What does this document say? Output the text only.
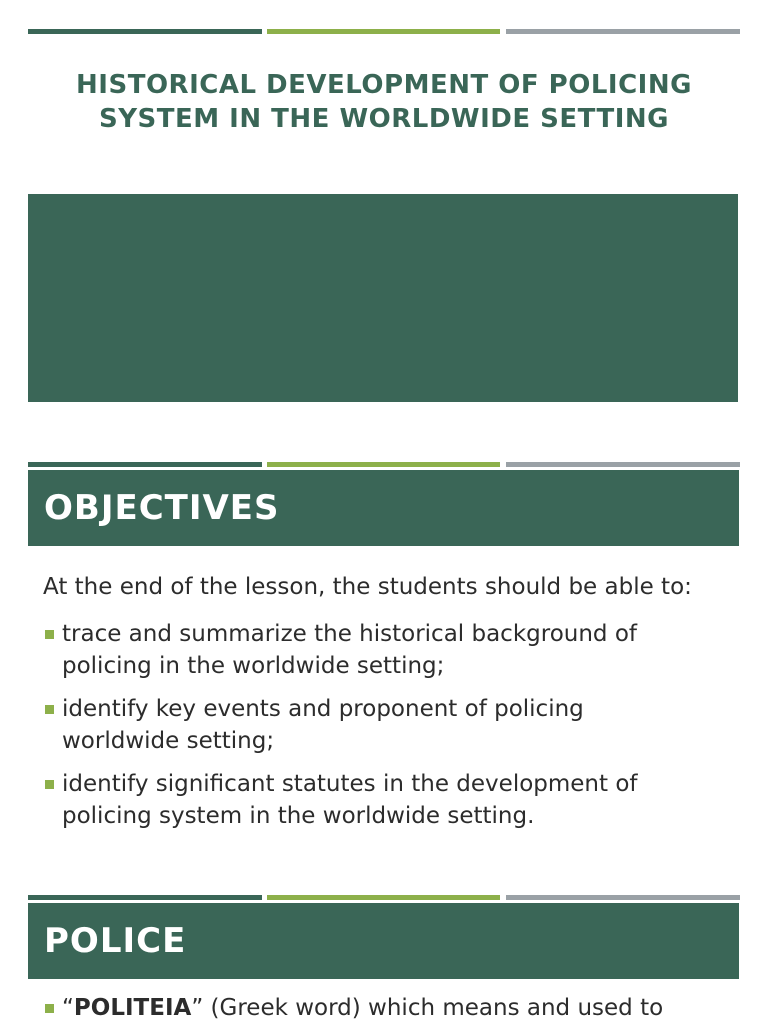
HISTORICAL DEVELOPMENT OF POLICING
SYSTEM IN THE WORLDWIDE SETTING
OBJECTIVES
At the end of the lesson, the students should be able to:
trace and summarize the historical background of
policing in the worldwide setting;
identify key events and proponent of policing
worldwide setting;
identify significant statutes in the development of
policing system in the worldwide setting.
POLICE
“POLITEIA” (Greek word) which means and used to
